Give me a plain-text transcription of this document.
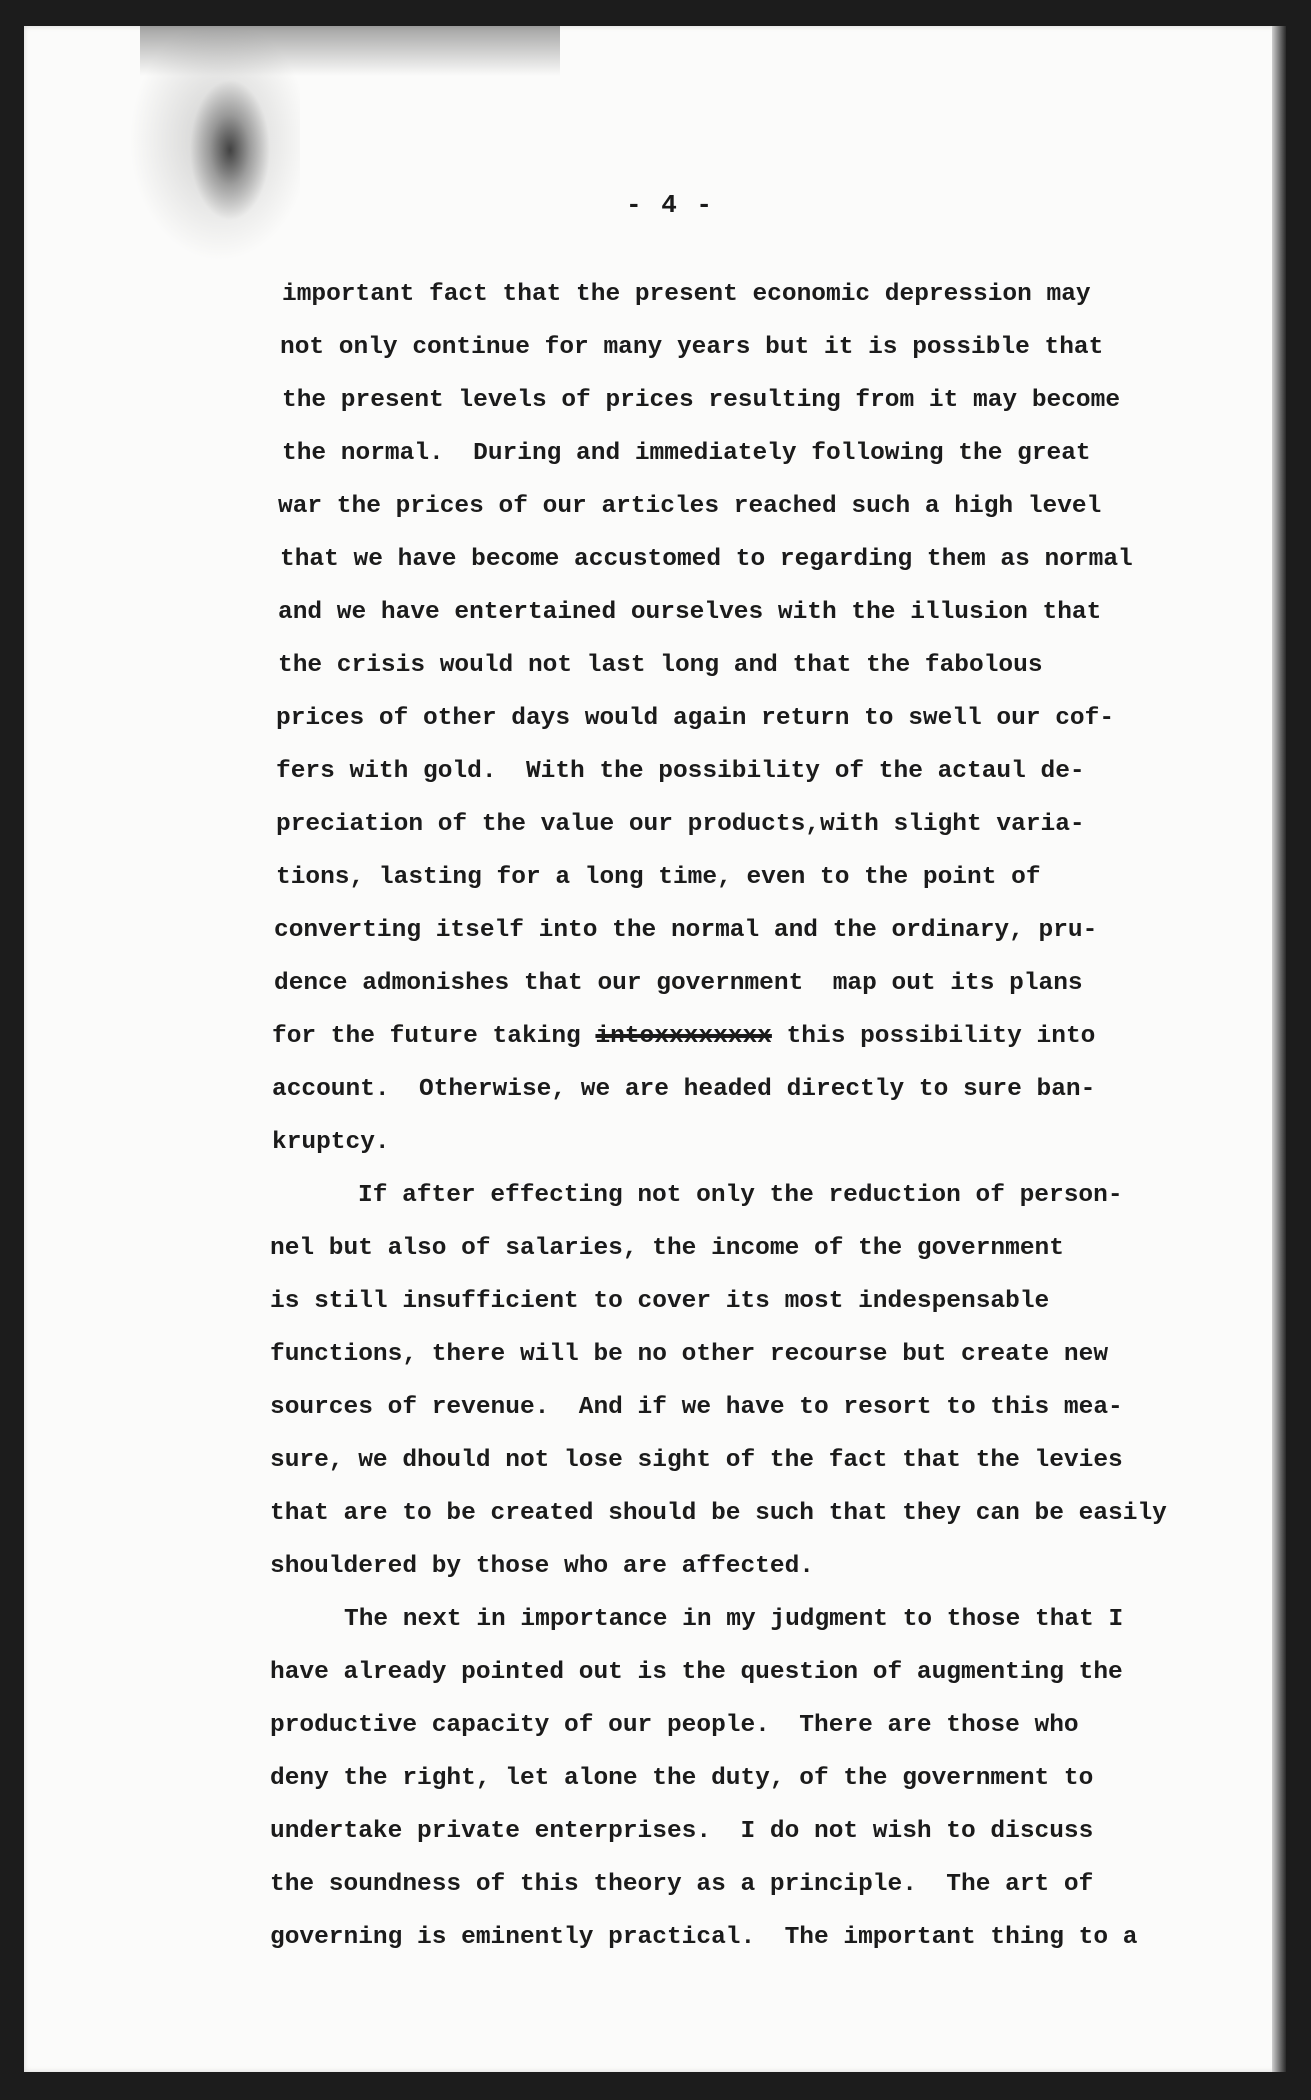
- 4 -
important fact that the present economic depression may
not only continue for many years but it is possible that
the present levels of prices resulting from it may become
the normal.  During and immediately following the great
war the prices of our articles reached such a high level
that we have become accustomed to regarding them as normal
and we have entertained ourselves with the illusion that
the crisis would not last long and that the fabolous
prices of other days would again return to swell our cof-
fers with gold.  With the possibility of the actaul de-
preciation of the value our products,with slight varia-
tions, lasting for a long time, even to the point of
converting itself into the normal and the ordinary, pru-
dence admonishes that our government  map out its plans
for the future taking intoxxxxxxxx this possibility into
account.  Otherwise, we are headed directly to sure ban-
kruptcy.
If after effecting not only the reduction of person-
nel but also of salaries, the income of the government
is still insufficient to cover its most indespensable
functions, there will be no other recourse but create new
sources of revenue.  And if we have to resort to this mea-
sure, we dhould not lose sight of the fact that the levies
that are to be created should be such that they can be easily
shouldered by those who are affected.
The next in importance in my judgment to those that I
have already pointed out is the question of augmenting the
productive capacity of our people.  There are those who
deny the right, let alone the duty, of the government to
undertake private enterprises.  I do not wish to discuss
the soundness of this theory as a principle.  The art of
governing is eminently practical.  The important thing to a
